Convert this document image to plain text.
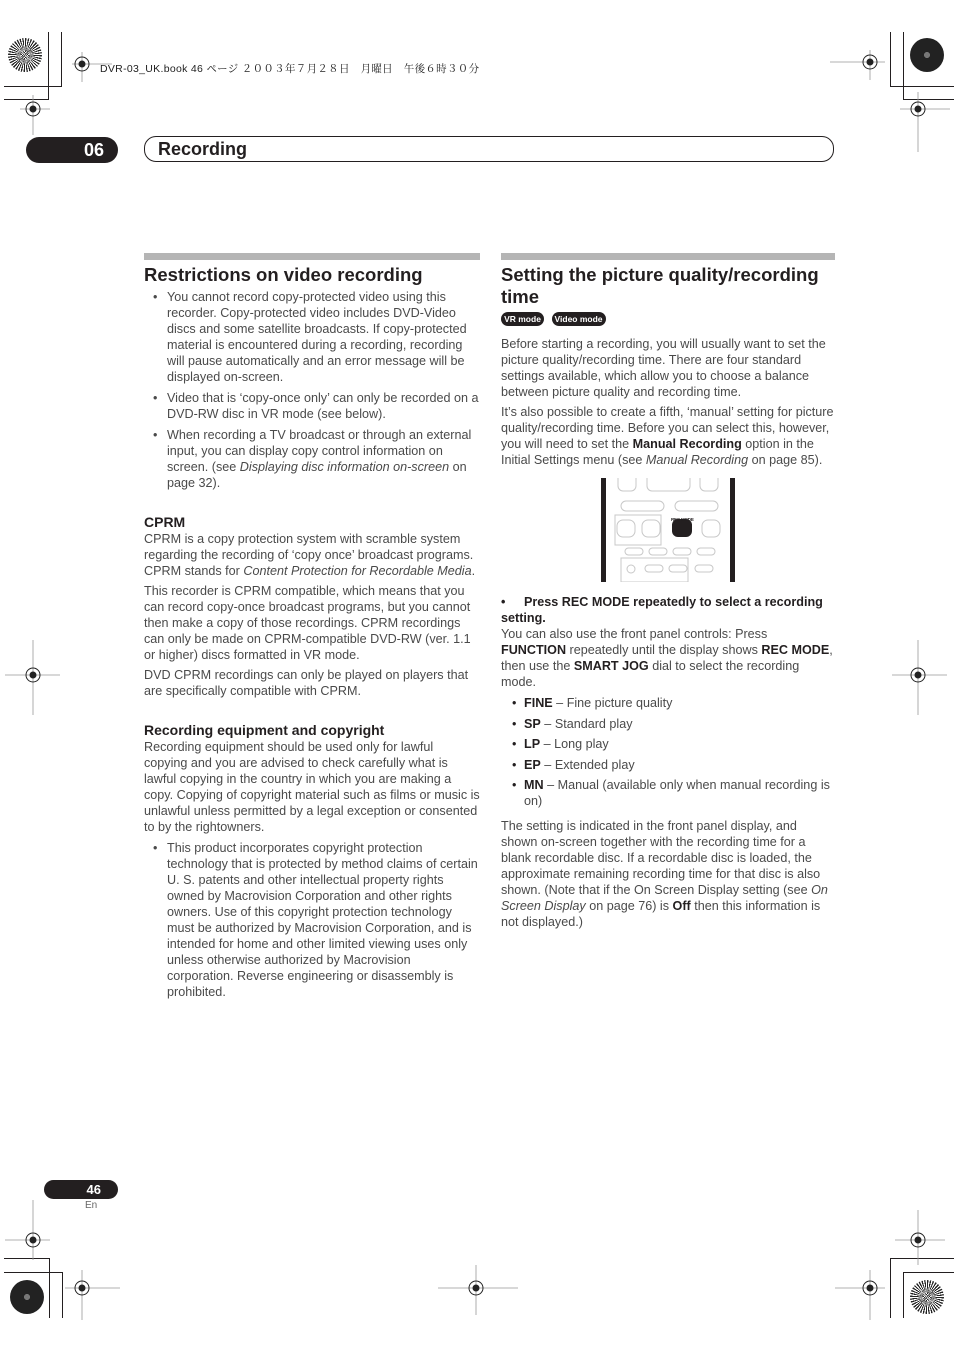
DVR-03_UK.book 46 ページ ２００３年７月２８日　月曜日　午後６時３０分
06	Recording
Restrictions on video recording
• You cannot record copy-protected video using this recorder. Copy-protected video includes DVD-Video discs and some satellite broadcasts. If copy-protected material is encountered during a recording, recording will pause automatically and an error message will be displayed on-screen.
• Video that is ‘copy-once only’ can only be recorded on a DVD-RW disc in VR mode (see below).
• When recording a TV broadcast or through an external input, you can display copy control information on screen. (see Displaying disc information on-screen on page 32).
CPRM

CPRM is a copy protection system with scramble system regarding the recording of ‘copy once’ broadcast programs. CPRM stands for Content Protection for Recordable Media.

This recorder is CPRM compatible, which means that you can record copy-once broadcast programs, but you cannot then make a copy of those recordings. CPRM recordings can only be made on CPRM-compatible DVD-RW (ver. 1.1 or higher) discs formatted in VR mode.

DVD CPRM recordings can only be played on players that are specifically compatible with CPRM.

Recording equipment and copyright

Recording equipment should be used only for lawful copying and you are advised to check carefully what is lawful copying in the country in which you are making a copy. Copying of copyright material such as films or music is unlawful unless permitted by a legal exception or consented to by the rightowners.

• This product incorporates copyright protection technology that is protected by method claims of certain U. S. patents and other intellectual property rights owned by Macrovision Corporation and other rights owners. Use of this copyright protection technology must be authorized by Macrovision Corporation, and is intended for home and other limited viewing uses only unless otherwise authorized by Macrovision corporation. Reverse engineering or disassembly is prohibited.
Setting the picture quality/recording time
VR mode Video mode

Before starting a recording, you will usually want to set the picture quality/recording time. There are four standard settings available, which allow you to choose a balance between picture quality and recording time.

It’s also possible to create a fifth, ‘manual’ setting for picture quality/recording time. Before you can select this, however, you will need to set the Manual Recording option in the Initial Settings menu (see Manual Recording on page 85).

REC MODE

• Press REC MODE repeatedly to select a recording setting.

You can also use the front panel controls: Press FUNCTION repeatedly until the display shows REC MODE, then use the SMART JOG dial to select the recording mode.

• FINE – Fine picture quality
• SP – Standard play
• LP – Long play
• EP – Extended play
• MN – Manual (available only when manual recording is on)

The setting is indicated in the front panel display, and shown on-screen together with the recording time for a blank recordable disc. If a recordable disc is loaded, the approximate remaining recording time for that disc is also shown. (Note that if the On Screen Display setting (see On Screen Display on page 76) is Off then this information is not displayed.)

46
En
